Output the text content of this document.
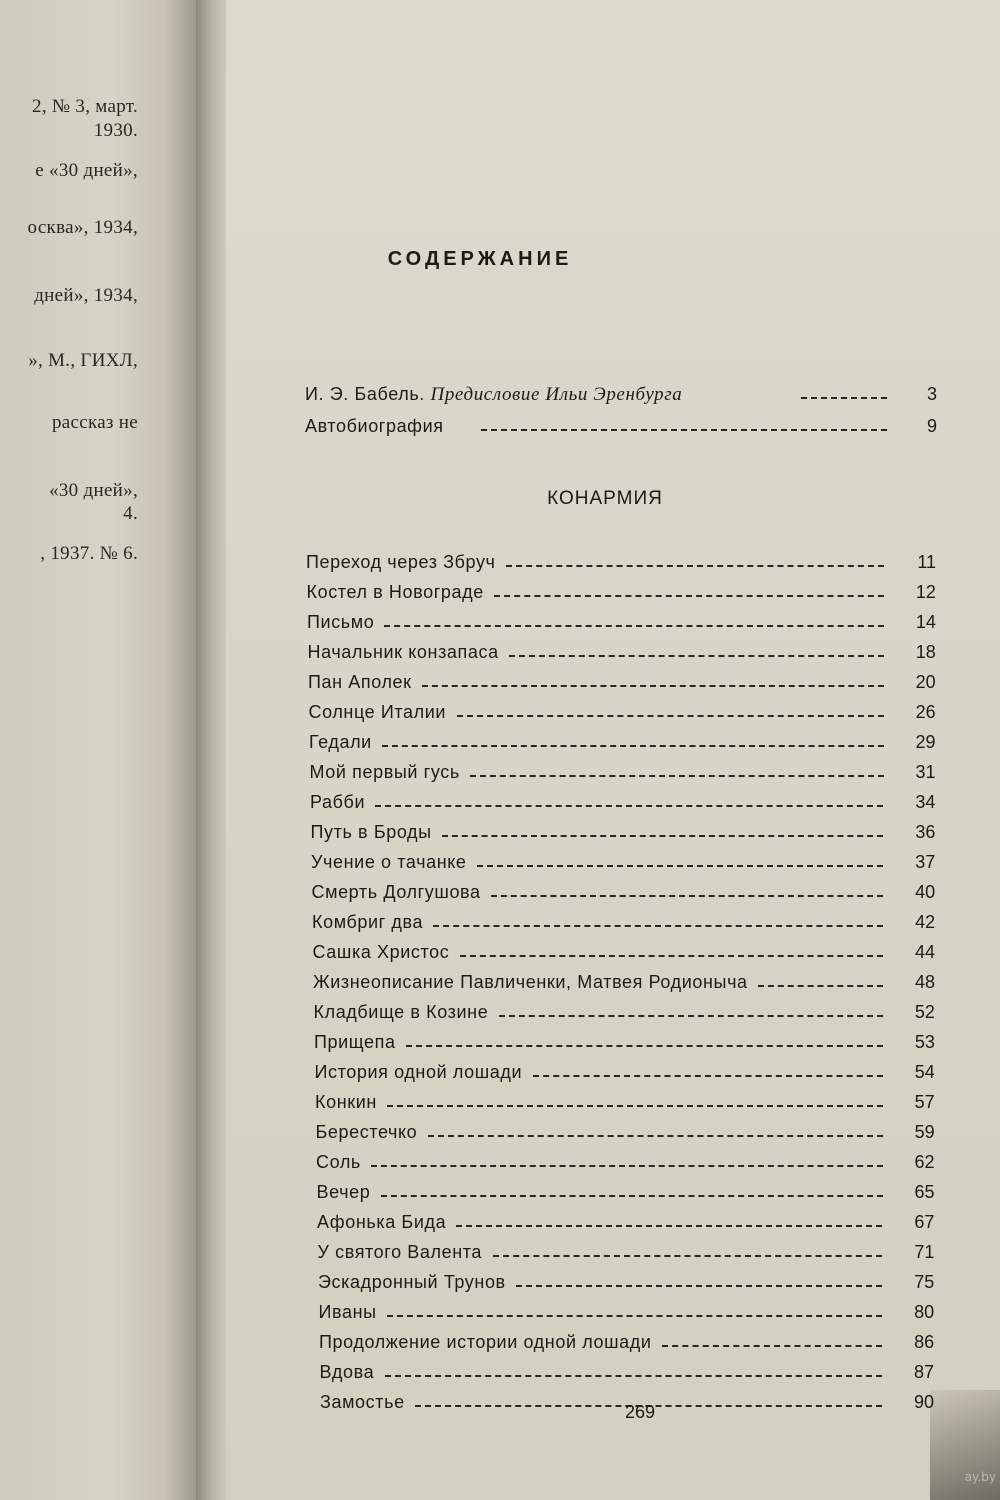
2, № 3, март.
1930.
е «30 дней»,
осква», 1934,
дней», 1934,
», М., ГИХЛ,
рассказ не
«30 дней»,
4.
, 1937. № 6.
СОДЕРЖАНИЕ
И. Э. Бабель. Предисловие Ильи Эренбурга	3
Автобиография	9
КОНАРМИЯ
Переход через Збруч	11
Костел в Новограде	12
Письмо	14
Начальник конзапаса	18
Пан Аполек	20
Солнце Италии	26
Гедали	29
Мой первый гусь	31
Рабби	34
Путь в Броды	36
Учение о тачанке	37
Смерть Долгушова	40
Комбриг два	42
Сашка Христос	44
Жизнеописание Павличенки, Матвея Родионыча	48
Кладбище в Козине	52
Прищепа	53
История одной лошади	54
Конкин	57
Берестечко	59
Соль	62
Вечер	65
Афонька Бида	67
У святого Валента	71
Эскадронный Трунов	75
Иваны	80
Продолжение истории одной лошади	86
Вдова	87
Замостье	90
269
ay.by
